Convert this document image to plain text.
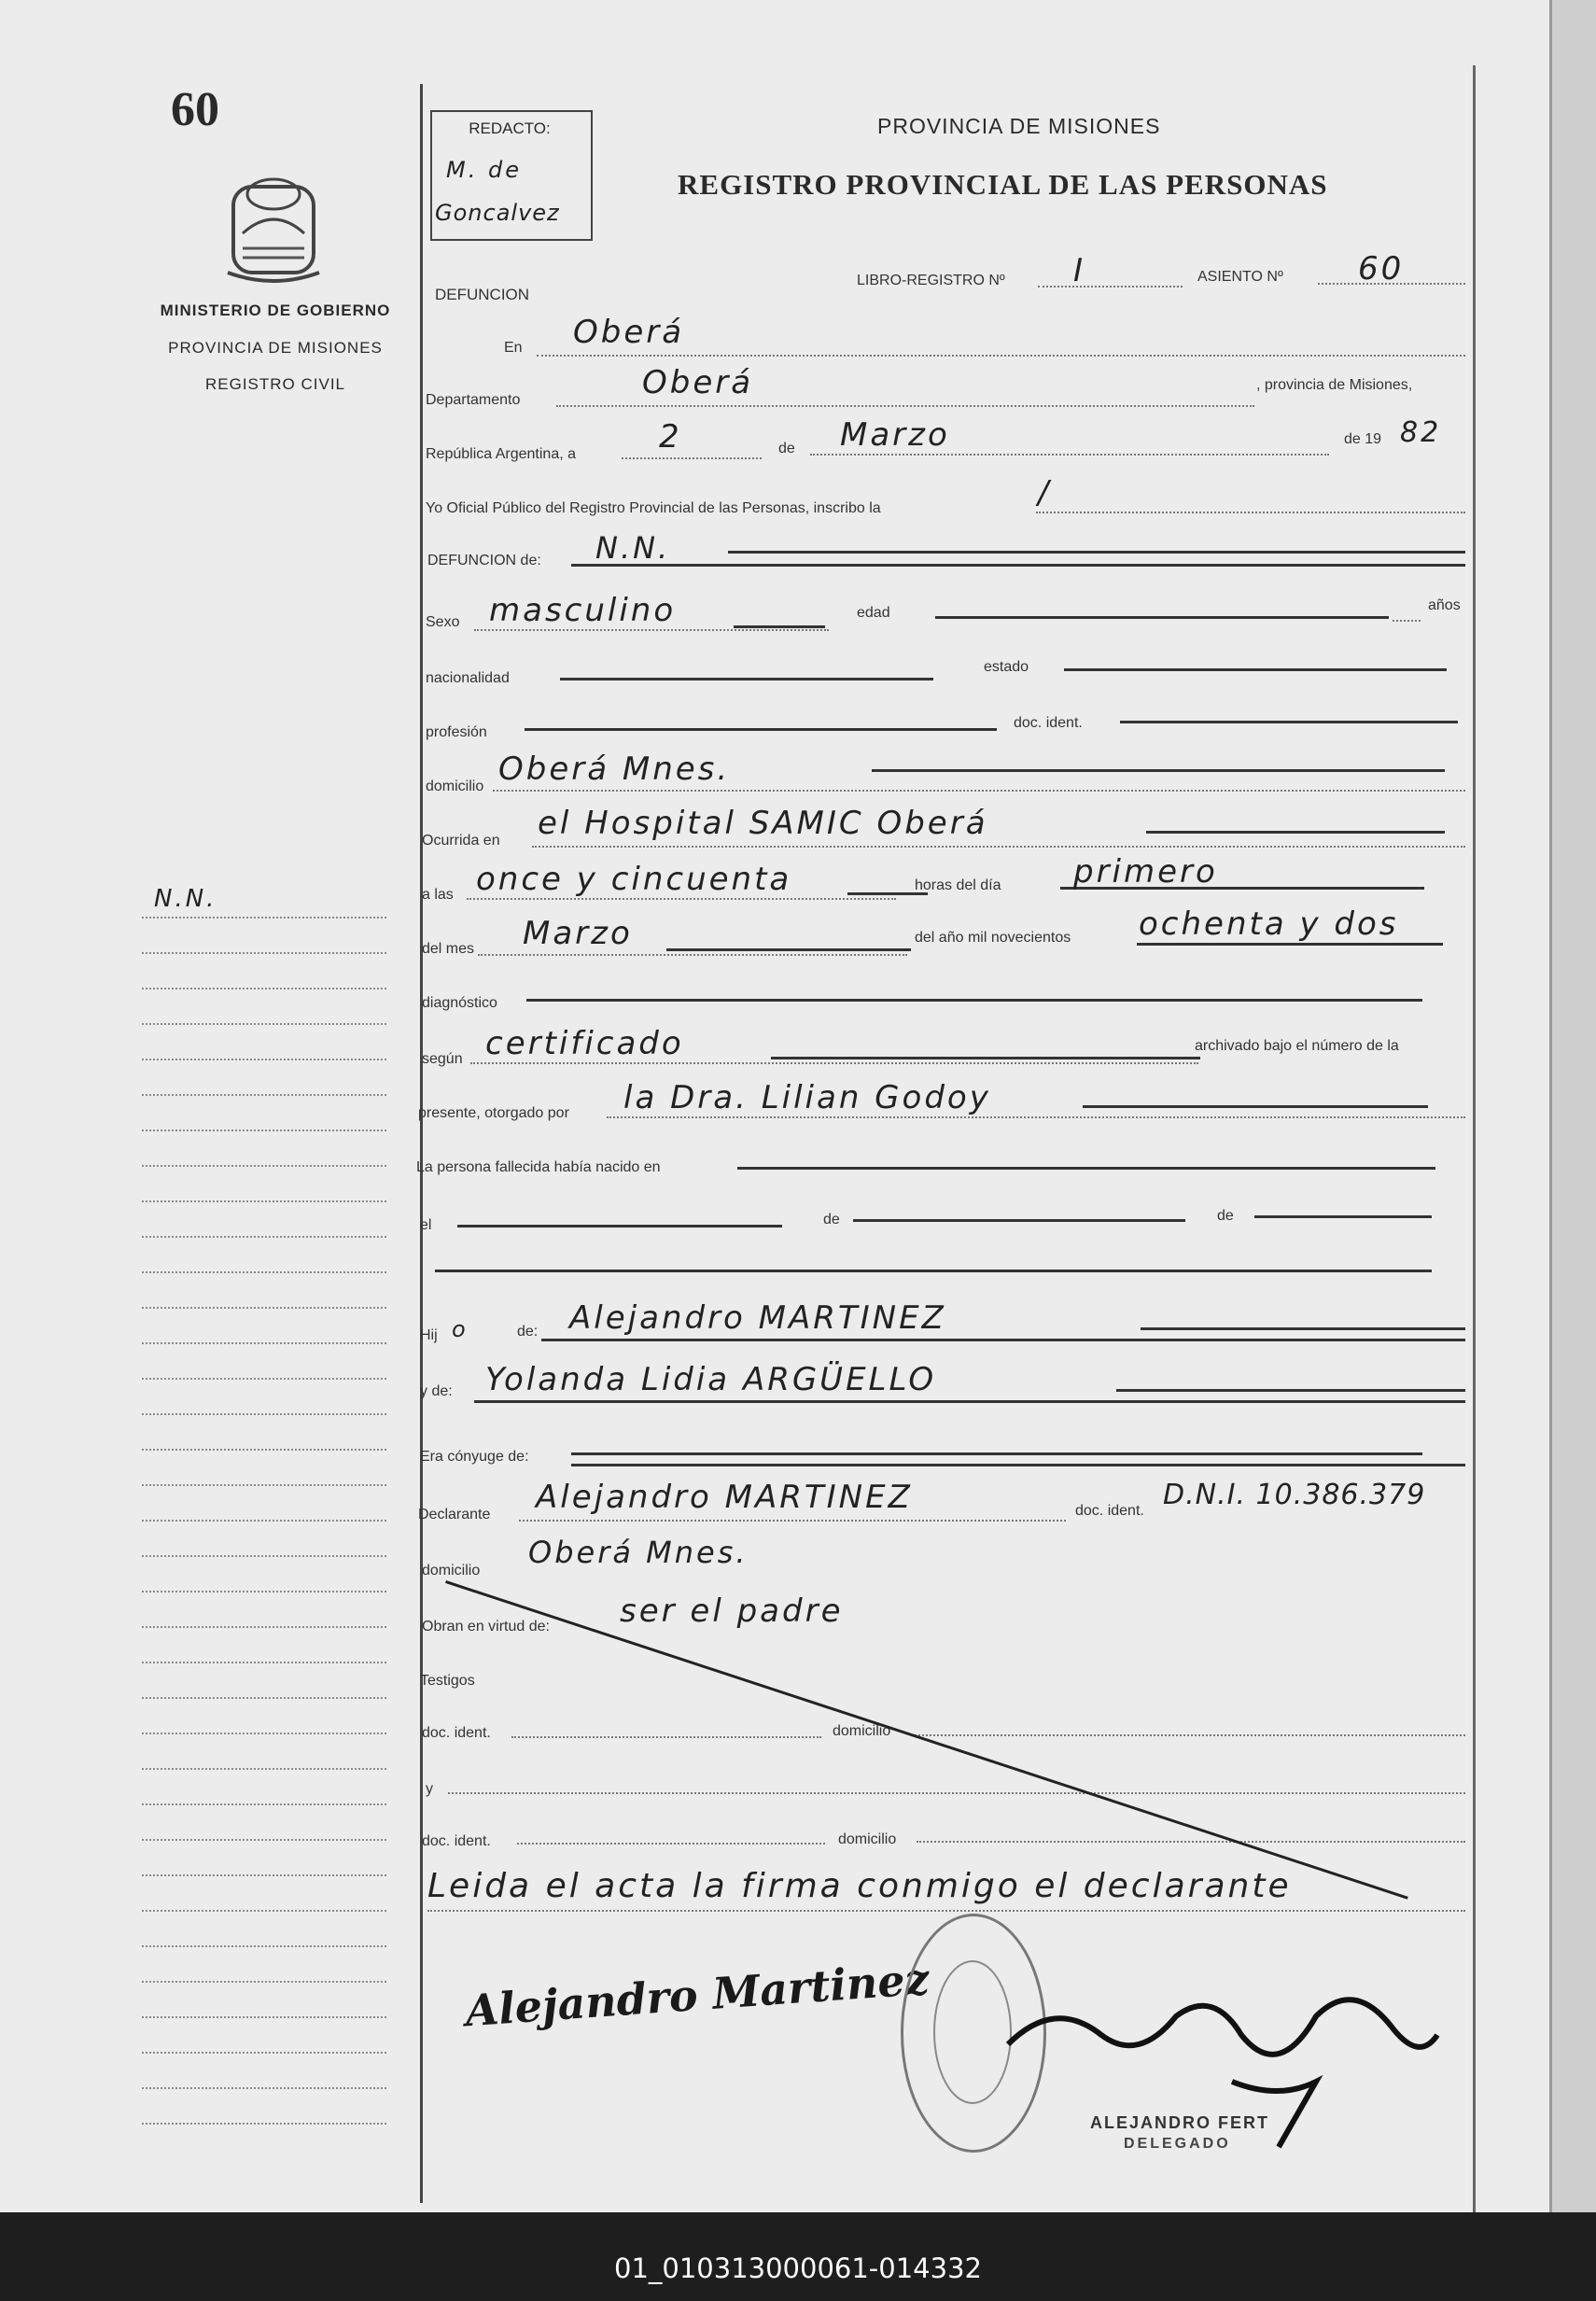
60
MINISTERIO DE GOBIERNO
PROVINCIA DE MISIONES
REGISTRO CIVIL
N.N.
REDACTO:
M. de
Goncalvez
PROVINCIA DE MISIONES
REGISTRO PROVINCIAL DE LAS PERSONAS
DEFUNCION
LIBRO-REGISTRO Nº I	ASIENTO Nº 60
En Oberá
Departamento	Oberá	, provincia de Misiones,
República Argentina, a	2	de Marzo	de 19 82
Yo Oficial Público del Registro Provincial de las Personas, inscribo la	/
DEFUNCION de: N.N.
Sexo masculino	edad	años
nacionalidad
estado
profesión
doc. ident.
domicilio Oberá Mnes.
Ocurrida en el Hospital SAMIC Oberá
a las once y cincuenta	horas del día primero
del mes Marzo	del año mil novecientos ochenta y dos
diagnóstico
según certificado	archivado bajo el número de la
presente, otorgado por la Dra. Lilian Godoy
La persona fallecida había nacido en
el	de	de
Hij o	de: Alejandro MARTINEZ
y de: Yolanda Lidia ARGÜELLO
Era cónyuge de:
Declarante Alejandro MARTINEZ	doc. ident. D.N.I. 10.386.379
domicilio
Oberá Mnes.
Obran en virtud de: ser el padre
Testigos
doc. ident.	domicilio
y
doc. ident.	domicilio
Leida el acta la firma conmigo el declarante
Alejandro Martinez
ALEJANDRO FERT
DELEGADO
01_010313000061-014332
